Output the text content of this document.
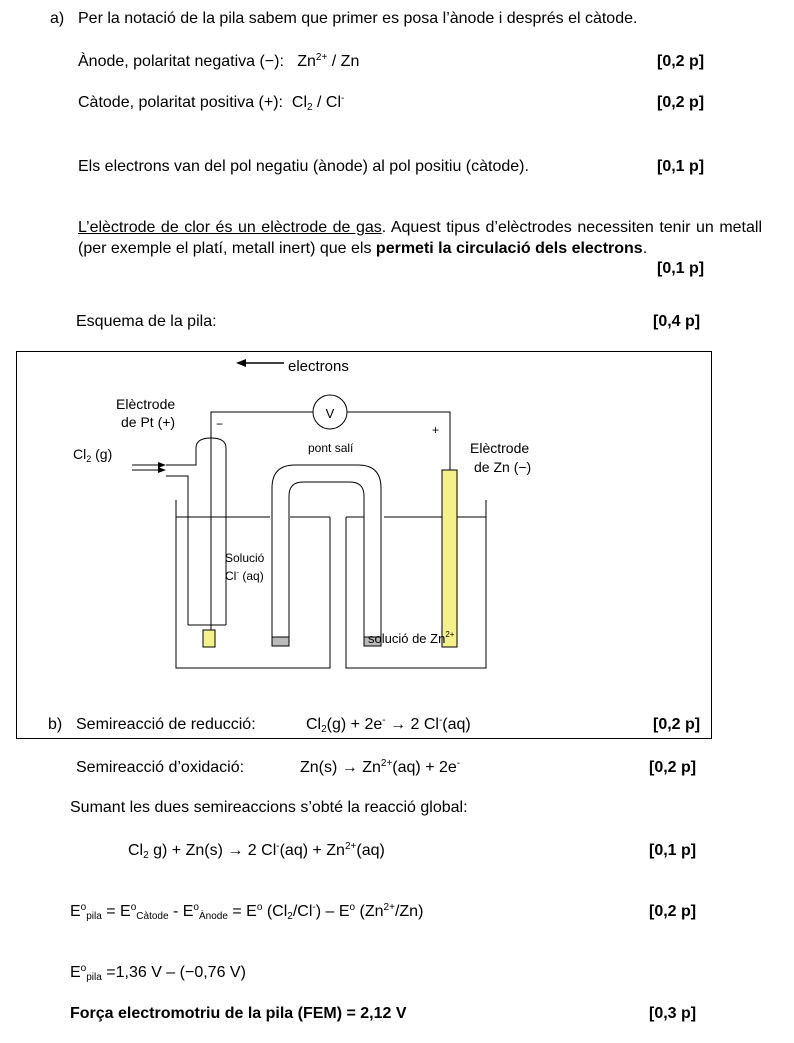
a) Per la notació de la pila sabem que primer es posa l’ànode i després el càtode.
Ànode, polaritat negativa (−): $Zn^{2+}$ / Zn	[0,2 p]
Càtode, polaritat positiva (+): $Cl_2 / Cl^-$	[0,2 p]
Els electrons van del pol negatiu (ànode) al pol positiu (càtode).	[0,1 p]
L’elèctrode de clor és un elèctrode de gas. Aquest tipus d’elèctrodes necessiten tenir un metall (per exemple el platí, metall inert) que els permeti la circulació dels electrons.
[0,1 p]
Esquema de la pila:	[0,4 p]
electrons
V
−	+
Elèctrode
de Pt (+)
$Cl_2$ (g)	pont salí	Elèctrode
de Zn (−)
Solució
Cl- (aq)
solució de $Zn^{2+}$
b) Semireacció de reducció:	$Cl_2(g) + 2e^- \to 2$ Cl-(aq)	[0,2 p]
Semireacció d’oxidació:	$Zn(s) \to Zn^{2+}(aq) + 2e^-$	[0,2 p]
Sumant les dues semireaccions s’obté la reacció global:
$Cl_2$ g) + Zn(s) → 2 $Cl^-(aq) + Zn^{2+}(aq)$	[0,1 p]
$E^o_{pila} = E^o_{Càtode} - E^o_{Ànode} = E^o$ $(Cl_2/Cl^-) - E^o$ $(Zn^{2+}/Zn)$	[0,2 p]
$E^o_{pila} =1,36$ V – (−0,76 V)
Força electromotriu de la pila (FEM) = 2,12 V	[0,3 p]
